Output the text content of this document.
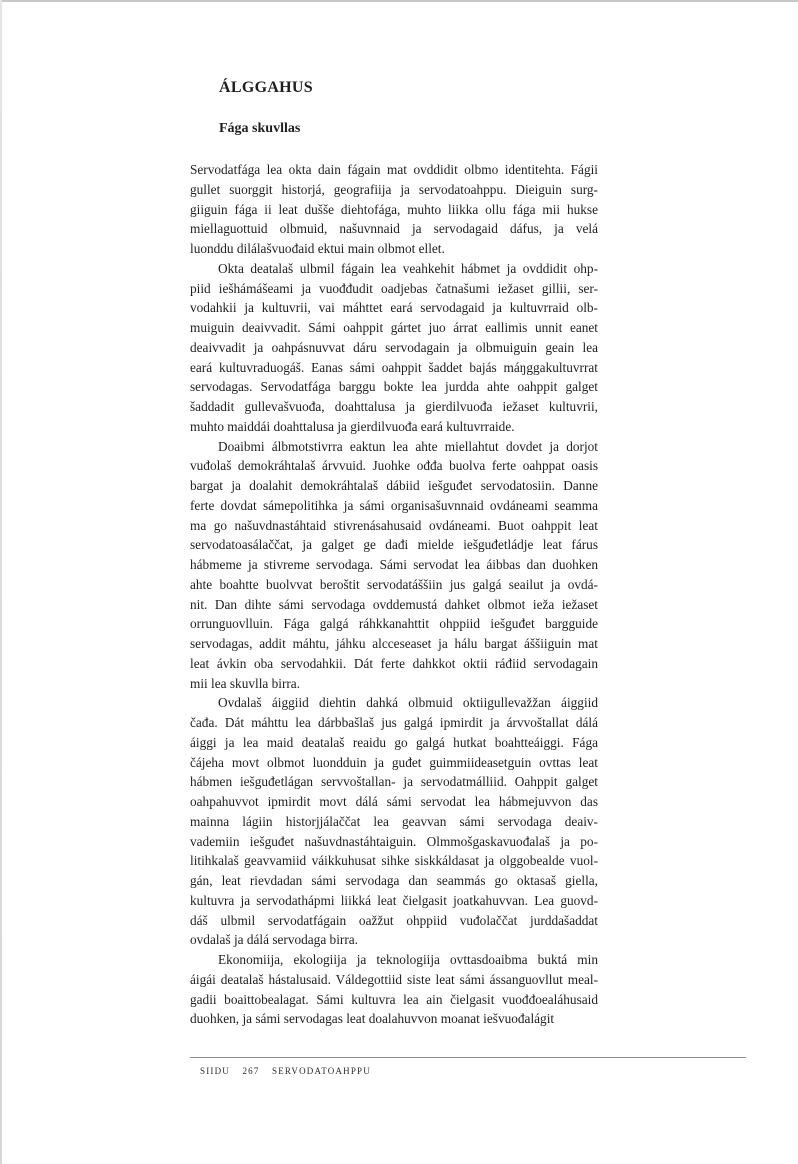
ÁLGGAHUS
Fága skuvllas

Servodatfága lea okta dain fágain mat ovddidit olbmo identitehta. Fágii
gullet suorggit historjá, geografiija ja servodatoahppu. Dieiguin surg-
giiguin fága ii leat dušše diehtofága, muhto liikka ollu fága mii hukse
miellaguottuid olbmuid, našuvnnaid ja servodagaid dáfus, ja velá
luonddu dilálašvuođaid ektui main olbmot ellet.

Okta deatalaš ulbmil fágain lea veahkehit hábmet ja ovddidit ohp-
piid iešhámášeami ja vuođđudit oadjebas čatnašumi iežaset gillii, ser-
vodahkii ja kultuvrii, vai máhttet eará servodagaid ja kultuvrraid olb-
muiguin deaivvadit. Sámi oahppit gártet juo árrat eallimis unnit eanet
deaivvadit ja oahpásnuvvat dáru servodagain ja olbmuiguin geain lea
eará kultuvraduogáš. Eanas sámi oahppit šaddet bajás máŋggakultuvrrat
servodagas. Servodatfága barggu bokte lea jurdda ahte oahppit galget
šaddadit gullevašvuođa, doahttalusa ja gierdilvuođa iežaset kultuvrii,
muhto maiddái doahttalusa ja gierdilvuođa eará kultuvrraide.

Doaibmi álbmotstivrra eaktun lea ahte miellahtut dovdet ja dorjot
vuđolaš demokráhtalaš árvvuid. Juohke ođđa buolva ferte oahppat oasis
bargat ja doalahit demokráhtalaš dábiid iešguđet servodatosiin. Danne
ferte dovdat sámepolitihka ja sámi organisašuvnnaid ovdáneami seamma
ma go našuvdnastáhtaid stivrenásahusaid ovdáneami. Buot oahppit leat
servodatoasálaččat, ja galget ge dađi mielde iešguđetládje leat fárus
hábmeme ja stivreme servodaga. Sámi servodat lea áibbas dan duohken
ahte boahtte buolvvat beroštit servodatáššiin jus galgá seailut ja ovdá-
nit. Dan dihte sámi servodaga ovddemustá dahket olbmot ieža iežaset
orrunguovlluin. Fága galgá ráhkkanahttit ohppiid iešguđet bargguide
servodagas, addit máhtu, jáhku alcceseaset ja hálu bargat áššiiguin mat
leat ávkin oba servodahkii. Dát ferte dahkkot oktii ráđiid servodagain
mii lea skuvlla birra.

Ovdalaš áiggiid diehtin dahká olbmuid oktiigullevažžan áiggiid
čađa. Dát máhttu lea dárbbašlaš jus galgá ipmirdit ja árvvoštallat dálá
áiggi ja lea maid deatalaš reaidu go galgá hutkat boahtteáiggi. Fága
čájeha movt olbmot luondduin ja guđet guimmiideasetguin ovttas leat
hábmen iešguđetlágan servvoštallan- ja servodatmálliid. Oahppit galget
oahpahuvvot ipmirdit movt dálá sámi servodat lea hábmejuvvon das
mainna lágiin historjjálaččat lea geavvan sámi servodaga deaiv-
vademiin iešguđet našuvdnastáhtaiguin. Olmmošgaskavuođalaš ja po-
litihkalaš geavvamiid váikkuhusat sihke siskkáldasat ja olggobealde vuol-
gán, leat rievdadan sámi servodaga dan seammás go oktasaš giella,
kultuvra ja servodathápmi liikká leat čielgasit joatkahuvvan. Lea guovd-
dáš ulbmil servodatfágain oažžut ohppiid vuđolaččat jurddašaddat
ovdalaš ja dálá servodaga birra.

Ekonomiija, ekologiija ja teknologiija ovttasdoaibma buktá min
áigái deatalaš hástalusaid. Váldegottiid siste leat sámi ássanguovllut meal-
gadii boaittobealagat. Sámi kultuvra lea ain čielgasit vuođđoealáhusaid
duohken, ja sámi servodagas leat doalahuvvon moanat iešvuođalágit

SIIDU 267 SERVODATOAHPPU
